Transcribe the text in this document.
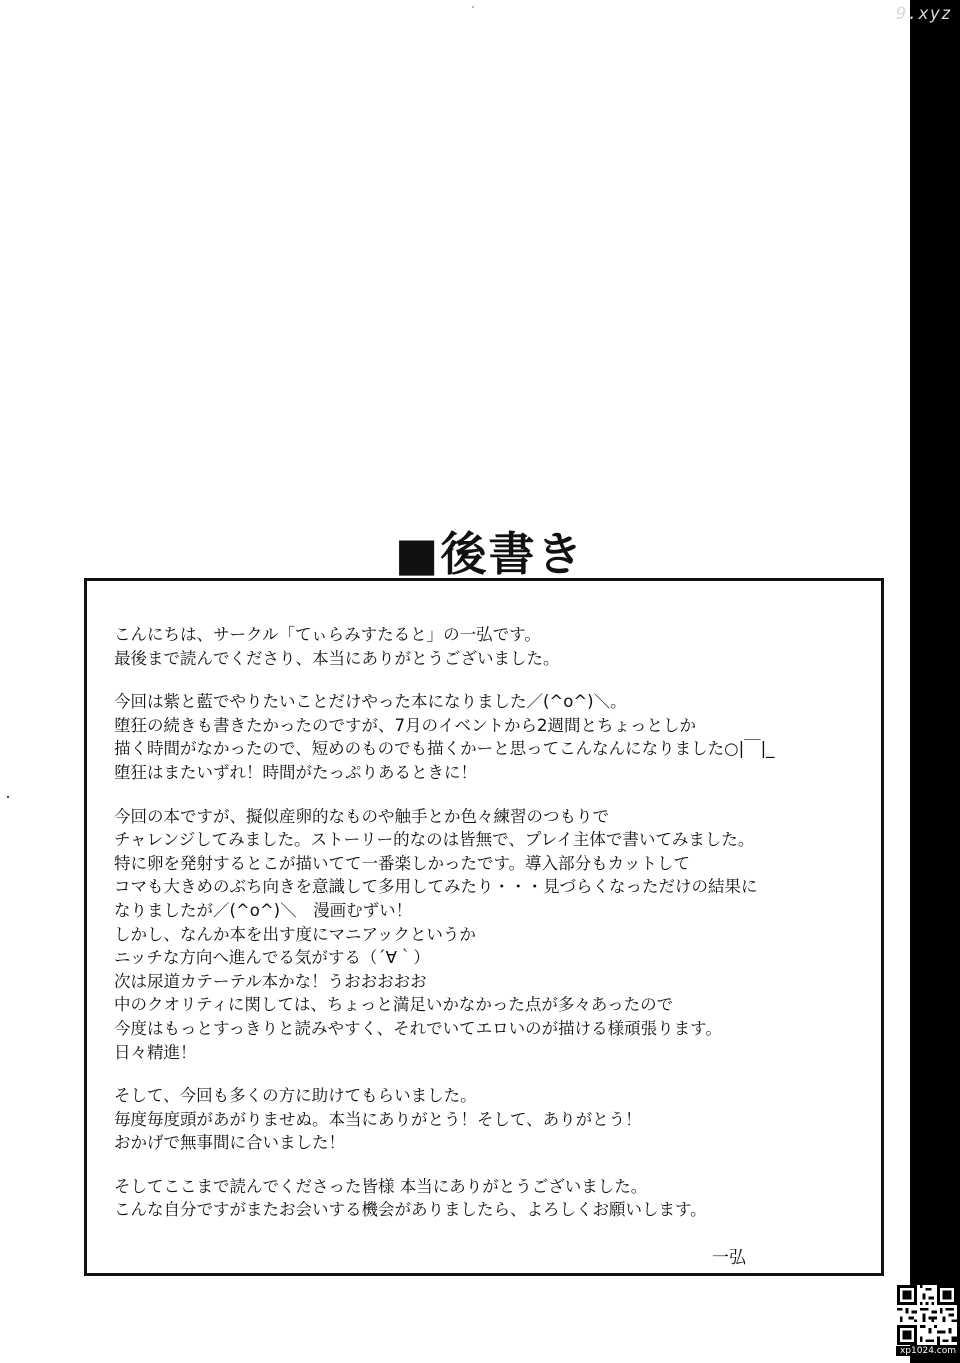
■後書き
こんにちは、サークル「てぃらみすたると」の一弘です。
最後まで読んでくださり、本当にありがとうございました。
今回は紫と藍でやりたいことだけやった本になりました／(^o^)＼。
堕狂の続きも書きたかったのですが、7月のイベントから2週間とちょっとしか
描く時間がなかったので、短めのものでも描くかーと思ってこんなんになりました○|￣|_
堕狂はまたいずれ！時間がたっぷりあるときに！
今回の本ですが、擬似産卵的なものや触手とか色々練習のつもりで
チャレンジしてみました。ストーリー的なのは皆無で、プレイ主体で書いてみました。
特に卵を発射するとこが描いてて一番楽しかったです。導入部分もカットして
コマも大きめのぶち向きを意識して多用してみたり・・・見づらくなっただけの結果に
なりましたが／(^o^)＼　漫画むずい！
しかし、なんか本を出す度にマニアックというか
ニッチな方向へ進んでる気がする（´∀｀）
次は尿道カテーテル本かな！うおおおおお
中のクオリティに関しては、ちょっと満足いかなかった点が多々あったので
今度はもっとすっきりと読みやすく、それでいてエロいのが描ける様頑張ります。
日々精進！
そして、今回も多くの方に助けてもらいました。
毎度毎度頭があがりませぬ。本当にありがとう！そして、ありがとう！
おかげで無事間に合いました！
そしてここまで読んでくださった皆様 本当にありがとうございました。
こんな自分ですがまたお会いする機会がありましたら、よろしくお願いします。
一弘
9.xyz
xp1024.com
